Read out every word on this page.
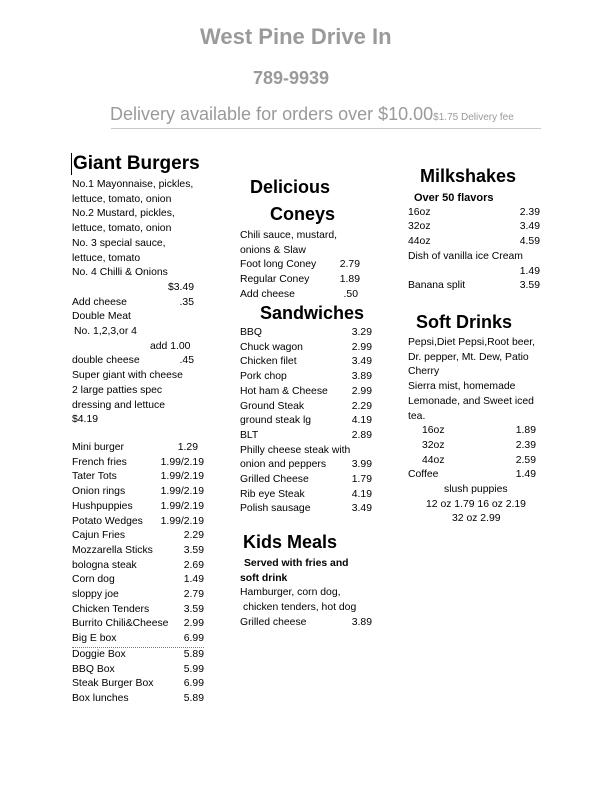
West Pine Drive In
789-9939
Delivery available for orders over $10.00$1.75 Delivery fee
Giant Burgers
No.1 Mayonnaise, pickles,
lettuce, tomato, onion
No.2 Mustard, pickles,
lettuce, tomato, onion
No. 3 special sauce,
lettuce, tomato
No. 4 Chilli & Onions
$3.49
Add cheese	.35
Double Meat
No. 1,2,3,or 4
add 1.00
double cheese	.45
Super giant with cheese
2 large patties spec
dressing and lettuce
$4.19
Mini burger	1.29
French fries	1.99/2.19
Tater Tots	1.99/2.19
Onion rings	1.99/2.19
Hushpuppies	1.99/2.19
Potato Wedges 1.99/2.19
Cajun Fries	2.29
Mozzarella Sticks	3.59
bologna steak	2.69
Corn dog	1.49
sloppy joe	2.79
Chicken Tenders	3.59
Burrito Chili&Cheese 2.99
Big E box	6.99
Doggie Box	5.89
BBQ Box	5.99
Steak Burger Box	6.99
Box lunches	5.89
Delicious
Coneys
Chili sauce, mustard,
onions & Slaw
Foot long Coney 2.79
Regular Coney	1.89
Add cheese	.50
Sandwiches
BBQ	3.29
Chuck wagon	2.99
Chicken filet	3.49
Pork chop	3.89
Hot ham & Cheese 2.99
Ground Steak	2.29
ground steak lg	4.19
BLT	2.89
Philly cheese steak with
onion and peppers 3.99
Grilled Cheese	1.79
Rib eye Steak	4.19
Polish sausage	3.49
Kids Meals
Served with fries and
soft drink
Hamburger, corn dog,
chicken tenders, hot dog
Grilled cheese	3.89
Milkshakes
Over 50 flavors
16oz	2.39
32oz	3.49
44oz	4.59
Dish of vanilla ice Cream
1.49
Banana split	3.59
Soft Drinks
Pepsi,Diet Pepsi,Root beer,
Dr. pepper, Mt. Dew, Patio
Cherry
Sierra mist, homemade
Lemonade, and Sweet iced
tea.
16oz	1.89
32oz	2.39
44oz	2.59
Coffee	1.49
slush puppies
12 oz 1.79 16 oz 2.19
32 oz 2.99
